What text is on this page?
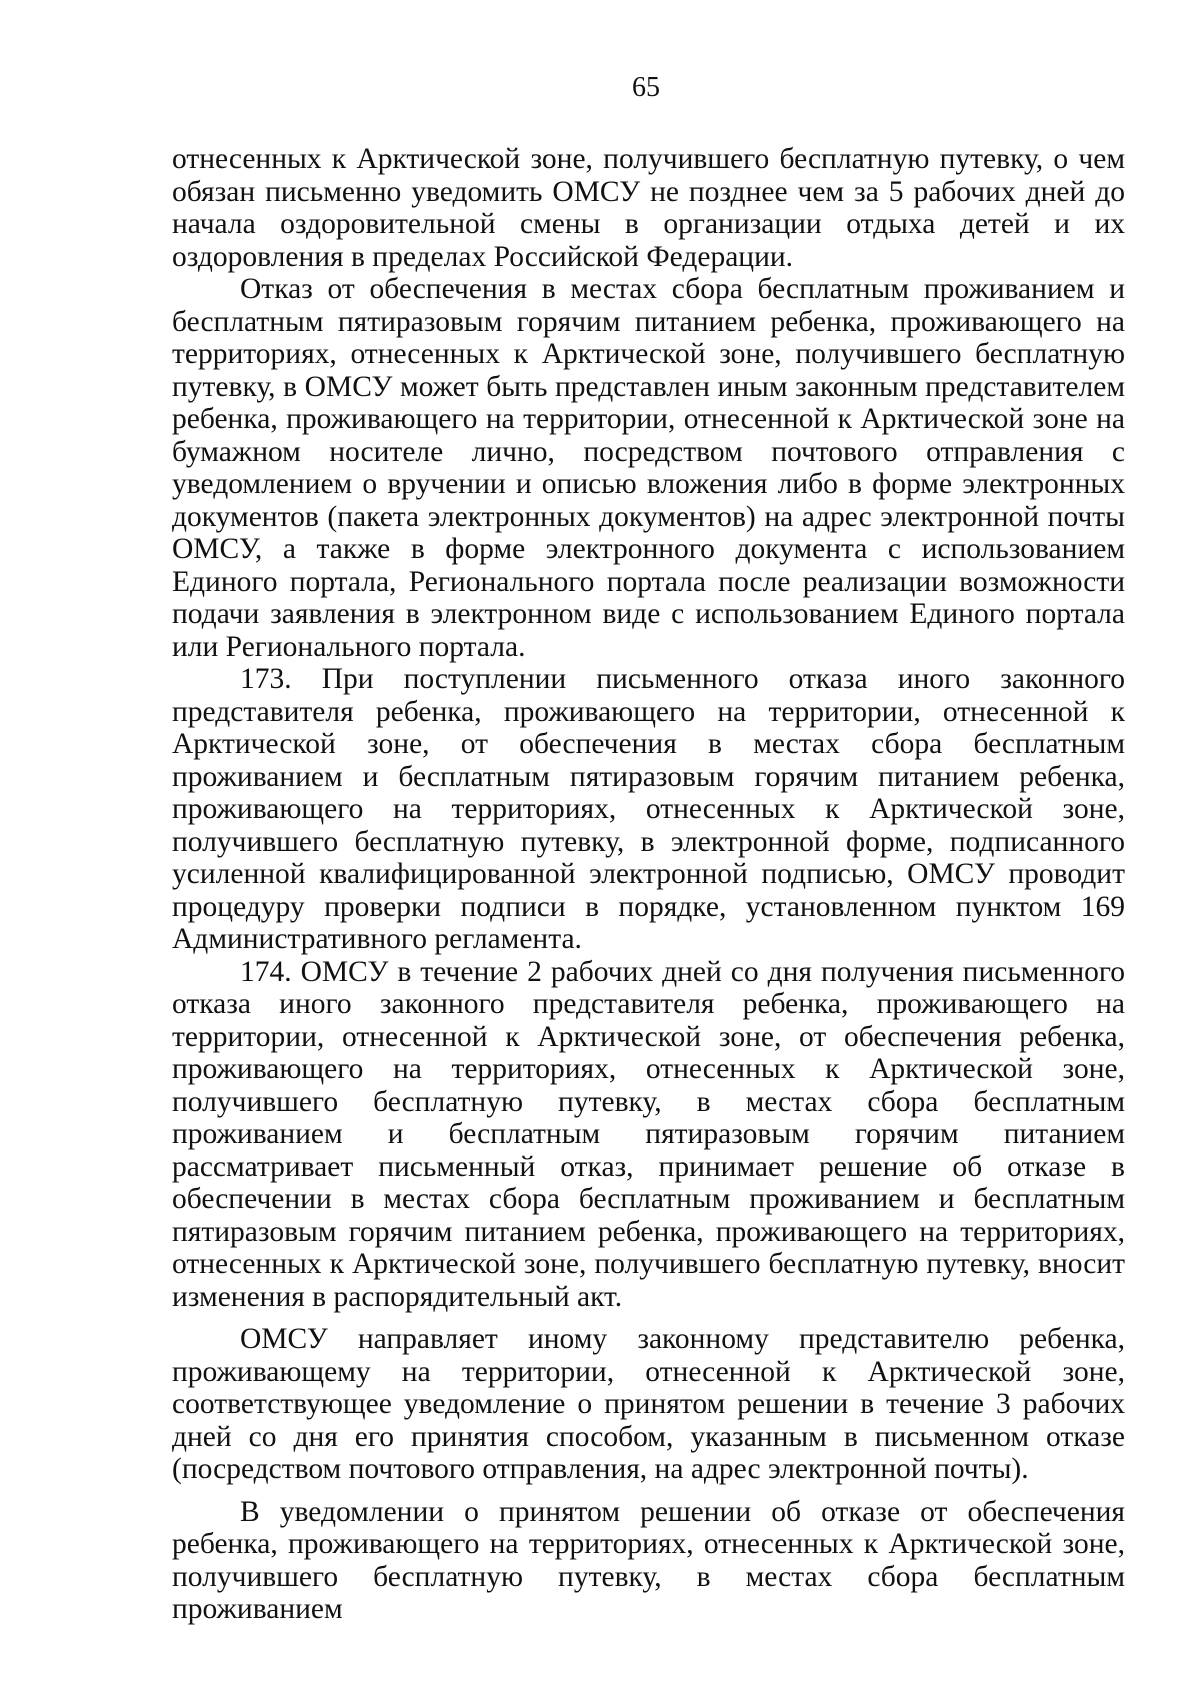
65

отнесенных к Арктической зоне, получившего бесплатную путевку, о чем обязан письменно уведомить ОМСУ не позднее чем за 5 рабочих дней до начала оздоровительной смены в организации отдыха детей и их оздоровления в пределах Российской Федерации.

Отказ от обеспечения в местах сбора бесплатным проживанием и бесплатным пятиразовым горячим питанием ребенка, проживающего на территориях, отнесенных к Арктической зоне, получившего бесплатную путевку, в ОМСУ может быть представлен иным законным представителем ребенка, проживающего на территории, отнесенной к Арктической зоне на бумажном носителе лично, посредством почтового отправления с уведомлением о вручении и описью вложения либо в форме электронных документов (пакета электронных документов) на адрес электронной почты ОМСУ, а также в форме электронного документа с использованием Единого портала, Регионального портала после реализации возможности подачи заявления в электронном виде с использованием Единого портала или Регионального портала.

173. При поступлении письменного отказа иного законного представителя ребенка, проживающего на территории, отнесенной к Арктической зоне, от обеспечения в местах сбора бесплатным проживанием и бесплатным пятиразовым горячим питанием ребенка, проживающего на территориях, отнесенных к Арктической зоне, получившего бесплатную путевку, в электронной форме, подписанного усиленной квалифицированной электронной подписью, ОМСУ проводит процедуру проверки подписи в порядке, установленном пунктом 169 Административного регламента.

174. ОМСУ в течение 2 рабочих дней со дня получения письменного отказа иного законного представителя ребенка, проживающего на территории, отнесенной к Арктической зоне, от обеспечения ребенка, проживающего на территориях, отнесенных к Арктической зоне, получившего бесплатную путевку, в местах сбора бесплатным проживанием и бесплатным пятиразовым горячим питанием рассматривает письменный отказ, принимает решение об отказе в обеспечении в местах сбора бесплатным проживанием и бесплатным пятиразовым горячим питанием ребенка, проживающего на территориях, отнесенных к Арктической зоне, получившего бесплатную путевку, вносит изменения в распорядительный акт.

ОМСУ направляет иному законному представителю ребенка, проживающему на территории, отнесенной к Арктической зоне, соответствующее уведомление о принятом решении в течение 3 рабочих дней со дня его принятия способом, указанным в письменном отказе (посредством почтового отправления, на адрес электронной почты).

В уведомлении о принятом решении об отказе от обеспечения ребенка, проживающего на территориях, отнесенных к Арктической зоне, получившего бесплатную путевку, в местах сбора бесплатным проживанием
